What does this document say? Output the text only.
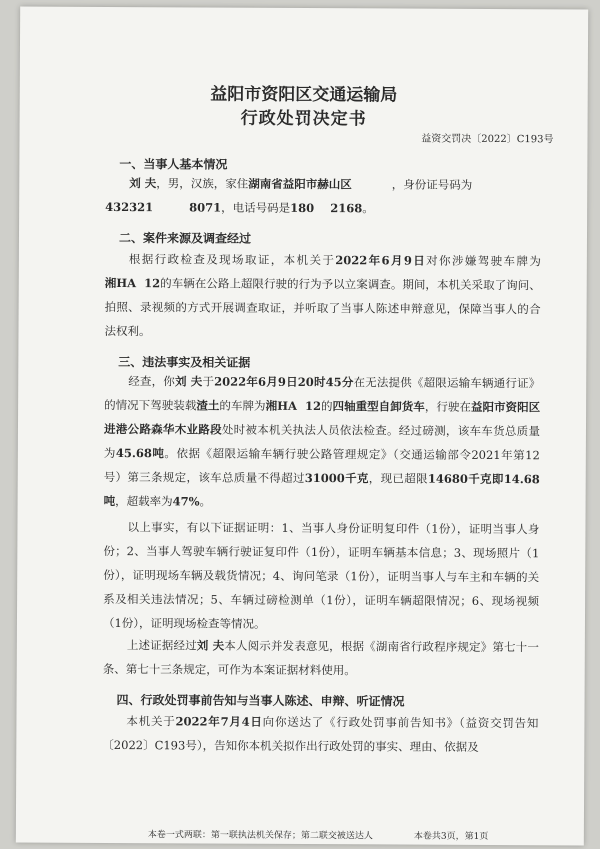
益阳市资阳区交通运输局
行政处罚决定书
益资交罚决〔2022〕C193号
一、当事人基本情况
刘 夫，男，汉族，家住湖南省益阳市赫山区	，身份证号码为
432321         8071，电话号码是180    2168。
二、案件来源及调查经过
根据行政检查及现场取证，本机关于2022年6月9日对你涉嫌驾驶车牌为湘HA  12的车辆在公路上超限行驶的行为予以立案调查。期间，本机关采取了询问、拍照、录视频的方式开展调查取证，并听取了当事人陈述申辩意见，保障当事人的合法权利。
三、违法事实及相关证据
经查，你刘 夫于2022年6月9日20时45分在无法提供《超限运输车辆通行证》的情况下驾驶装载渣土的车牌为湘HA  12的四轴重型自卸货车，行驶在益阳市资阳区进港公路森华木业路段处时被本机关执法人员依法检查。经过磅测，该车车货总质量为45.68吨。依据《超限运输车辆行驶公路管理规定》（交通运输部令2021年第12号）第三条规定，该车总质量不得超过31000千克，现已超限14680千克即14.68吨，超载率为47%。
以上事实，有以下证据证明：1、当事人身份证明复印件（1份），证明当事人身份；2、当事人驾驶车辆行驶证复印件（1份），证明车辆基本信息；3、现场照片（1份），证明现场车辆及载货情况；4、询问笔录（1份），证明当事人与车主和车辆的关系及相关违法情况；5、车辆过磅检测单（1份），证明车辆超限情况；6、现场视频（1份），证明现场检查等情况。
上述证据经过刘 夫本人阅示并发表意见，根据《湖南省行政程序规定》第七十一条、第七十三条规定，可作为本案证据材料使用。
四、行政处罚事前告知与当事人陈述、申辩、听证情况
本机关于2022年7月4日向你送达了《行政处罚事前告知书》（益资交罚告知〔2022〕C193号），告知你本机关拟作出行政处罚的事实、理由、依据及
本卷一式两联：第一联执法机关保存；第二联交被送达人	本卷共3页，第1页
